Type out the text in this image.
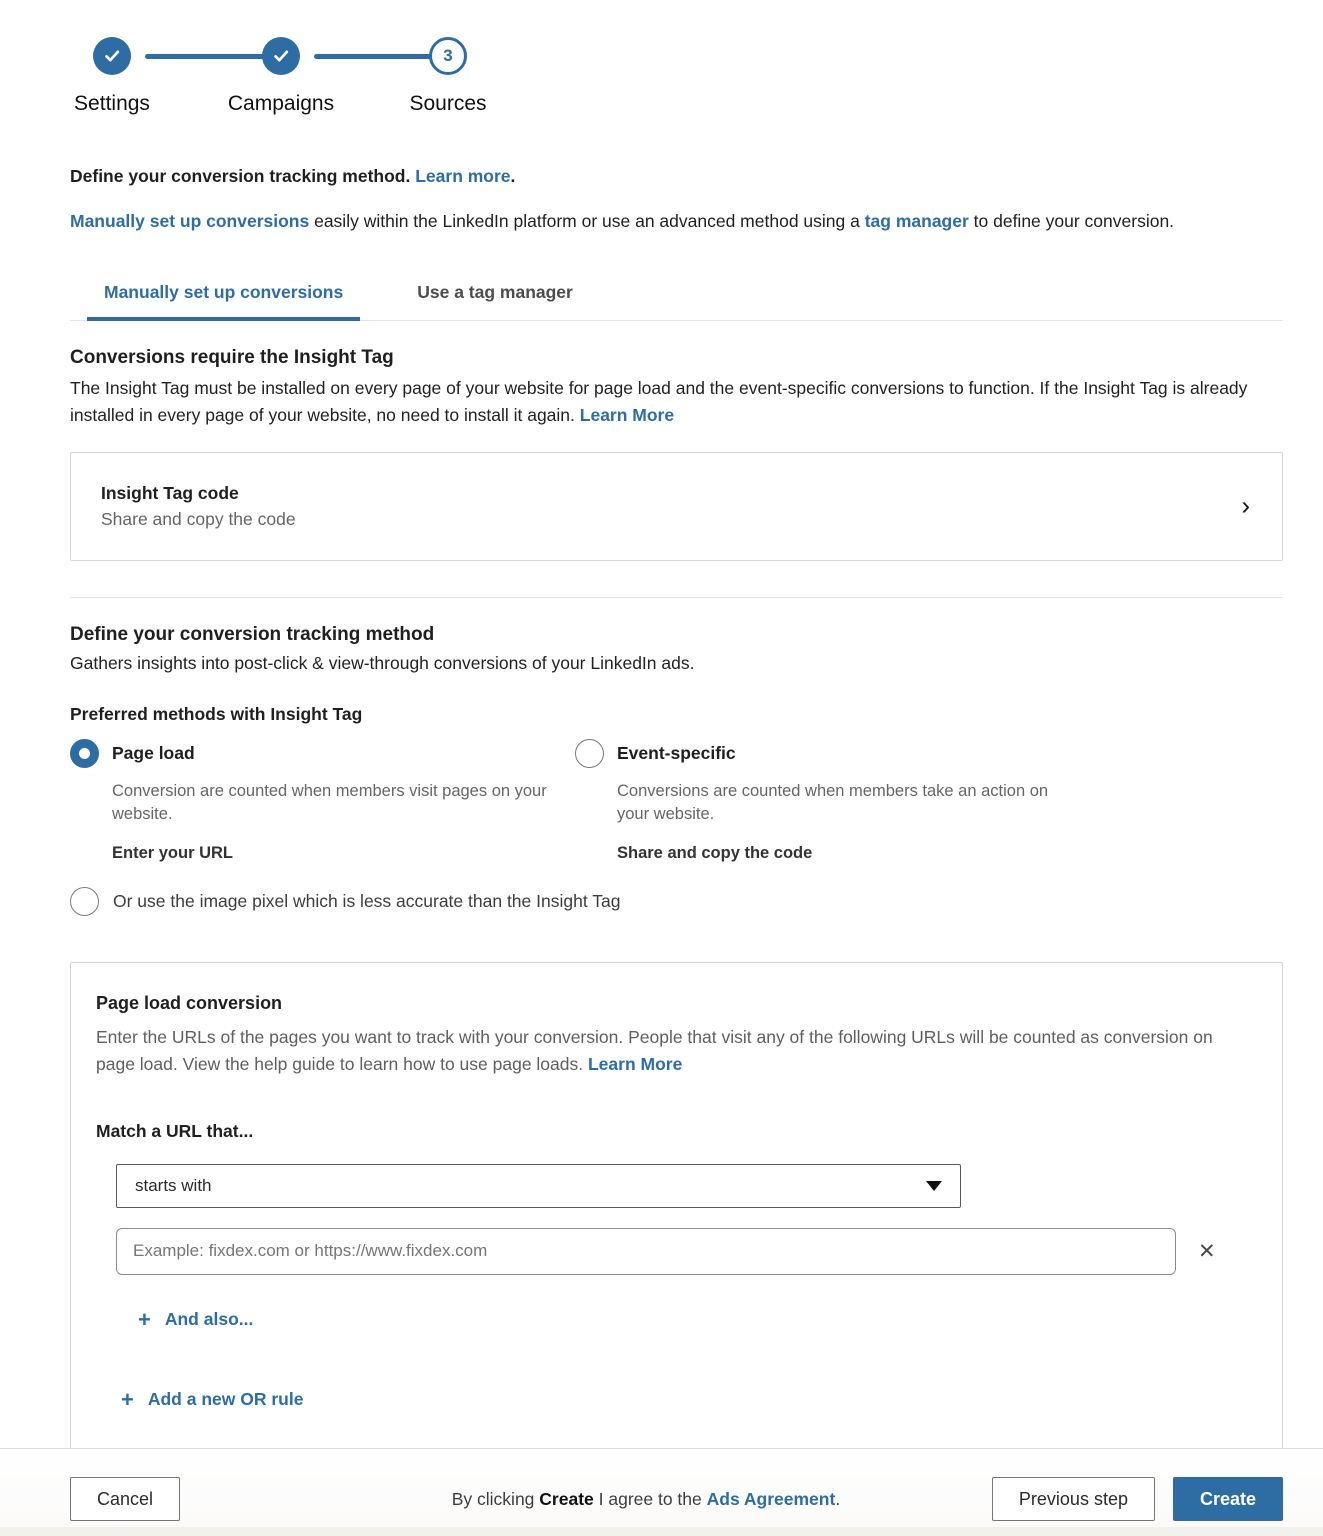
3
Settings	Campaigns	Sources
Define your conversion tracking method. Learn more.
Manually set up conversions easily within the LinkedIn platform or use an advanced method using a tag manager to define your conversion.
Manually set up conversions	Use a tag manager
Conversions require the Insight Tag
The Insight Tag must be installed on every page of your website for page load and the event-specific conversions to function. If the Insight Tag is already installed in every page of your website, no need to install it again. Learn More
Insight Tag code
Share and copy the code	›
Define your conversion tracking method
Gathers insights into post-click & view-through conversions of your LinkedIn ads.
Preferred methods with Insight Tag
Page load
Conversion are counted when members visit pages on your website.
Enter your URL
Event-specific
Conversions are counted when members take an action on your website.
Share and copy the code
Or use the image pixel which is less accurate than the Insight Tag
Page load conversion
Enter the URLs of the pages you want to track with your conversion. People that visit any of the following URLs will be counted as conversion on page load. View the help guide to learn how to use page loads. Learn More
Match a URL that...
starts with
Example: fixdex.com or https://www.fixdex.com
✕
+ And also...
+ Add a new OR rule
Cancel	By clicking Create I agree to the Ads Agreement.	Previous step	Create
